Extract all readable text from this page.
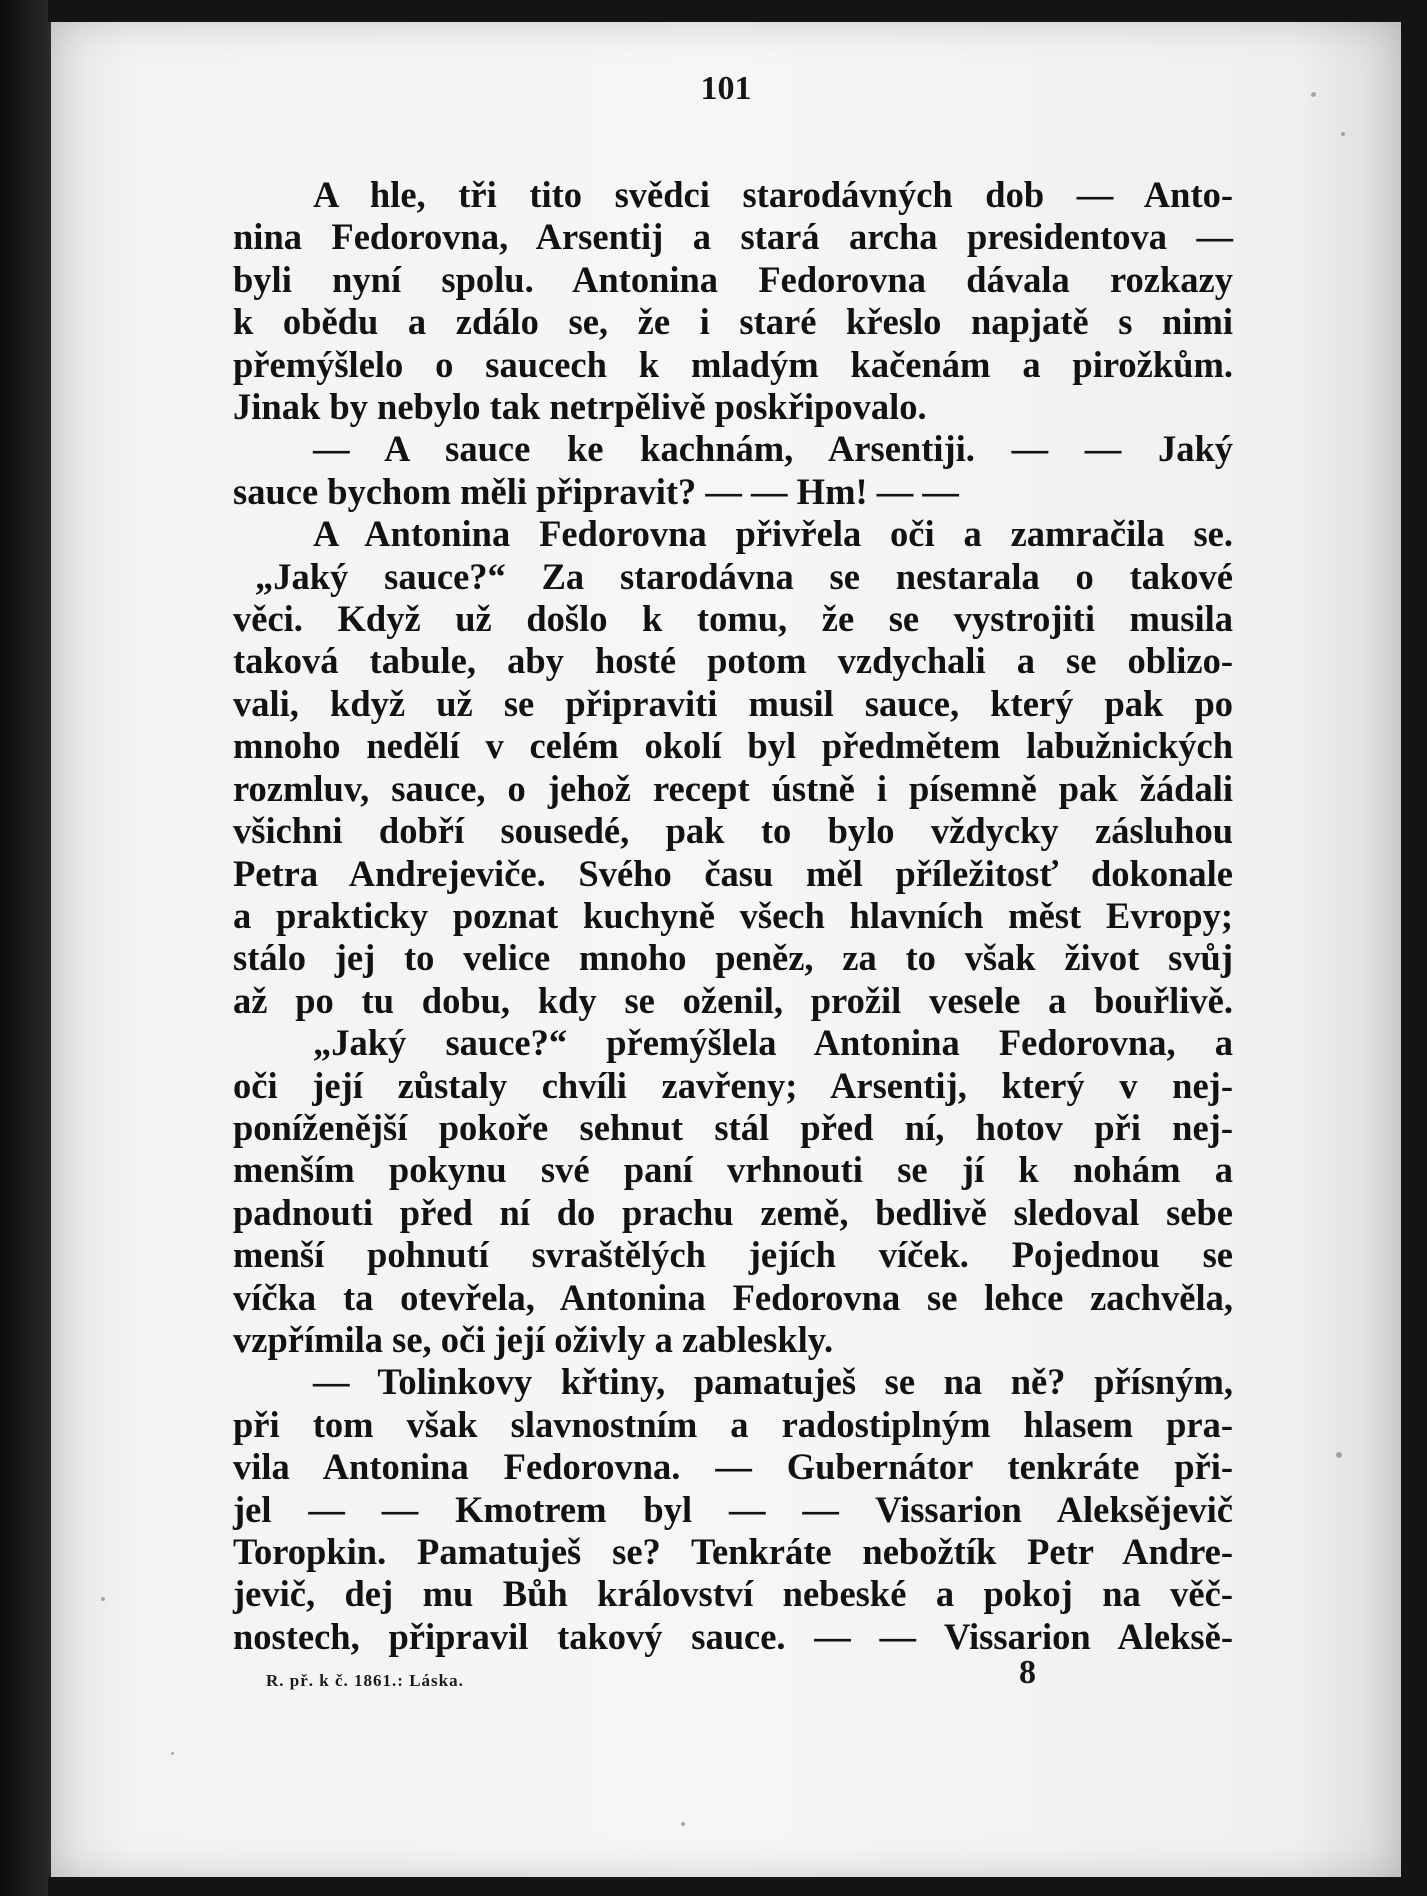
101
A hle, tři tito svědci starodávných dob — Anto-
nina Fedorovna, Arsentij a stará archa presidentova —
byli nyní spolu. Antonina Fedorovna dávala rozkazy
k obědu a zdálo se, že i staré křeslo napjatě s nimi
přemýšlelo o saucech k mladým kačenám a pirožkům.
Jinak by nebylo tak netrpělivě poskřipovalo.
— A sauce ke kachnám, Arsentiji. — — Jaký
sauce bychom měli připravit? — — Hm! — —
A Antonina Fedorovna přivřela oči a zamračila se.
„Jaký sauce?“ Za starodávna se nestarala o takové
věci. Když už došlo k tomu, že se vystrojiti musila
taková tabule, aby hosté potom vzdychali a se oblizo-
vali, když už se připraviti musil sauce, který pak po
mnoho nedělí v celém okolí byl předmětem labužnických
rozmluv, sauce, o jehož recept ústně i písemně pak žádali
všichni dobří sousedé, pak to bylo vždycky zásluhou
Petra Andrejeviče. Svého času měl příležitosť dokonale
a prakticky poznat kuchyně všech hlavních měst Evropy;
stálo jej to velice mnoho peněz, za to však život svůj
až po tu dobu, kdy se oženil, prožil vesele a bouřlivě.
„Jaký sauce?“ přemýšlela Antonina Fedorovna, a
oči její zůstaly chvíli zavřeny; Arsentij, který v nej-
poníženější pokoře sehnut stál před ní, hotov při nej-
menším pokynu své paní vrhnouti se jí k nohám a
padnouti před ní do prachu země, bedlivě sledoval sebe
menší pohnutí svraštělých jejích víček. Pojednou se
víčka ta otevřela, Antonina Fedorovna se lehce zachvěla,
vzpřímila se, oči její oživly a zableskly.
— Tolinkovy křtiny, pamatuješ se na ně? přísným,
při tom však slavnostním a radostiplným hlasem pra-
vila Antonina Fedorovna. — Gubernátor tenkráte při-
jel — — Kmotrem byl — — Vissarion Aleksějevič
Toropkin. Pamatuješ se? Tenkráte nebožtík Petr Andre-
jevič, dej mu Bůh království nebeské a pokoj na věč-
nostech, připravil takový sauce. — — Vissarion Aleksě-
R. př. k č. 1861.: Láska.	8
